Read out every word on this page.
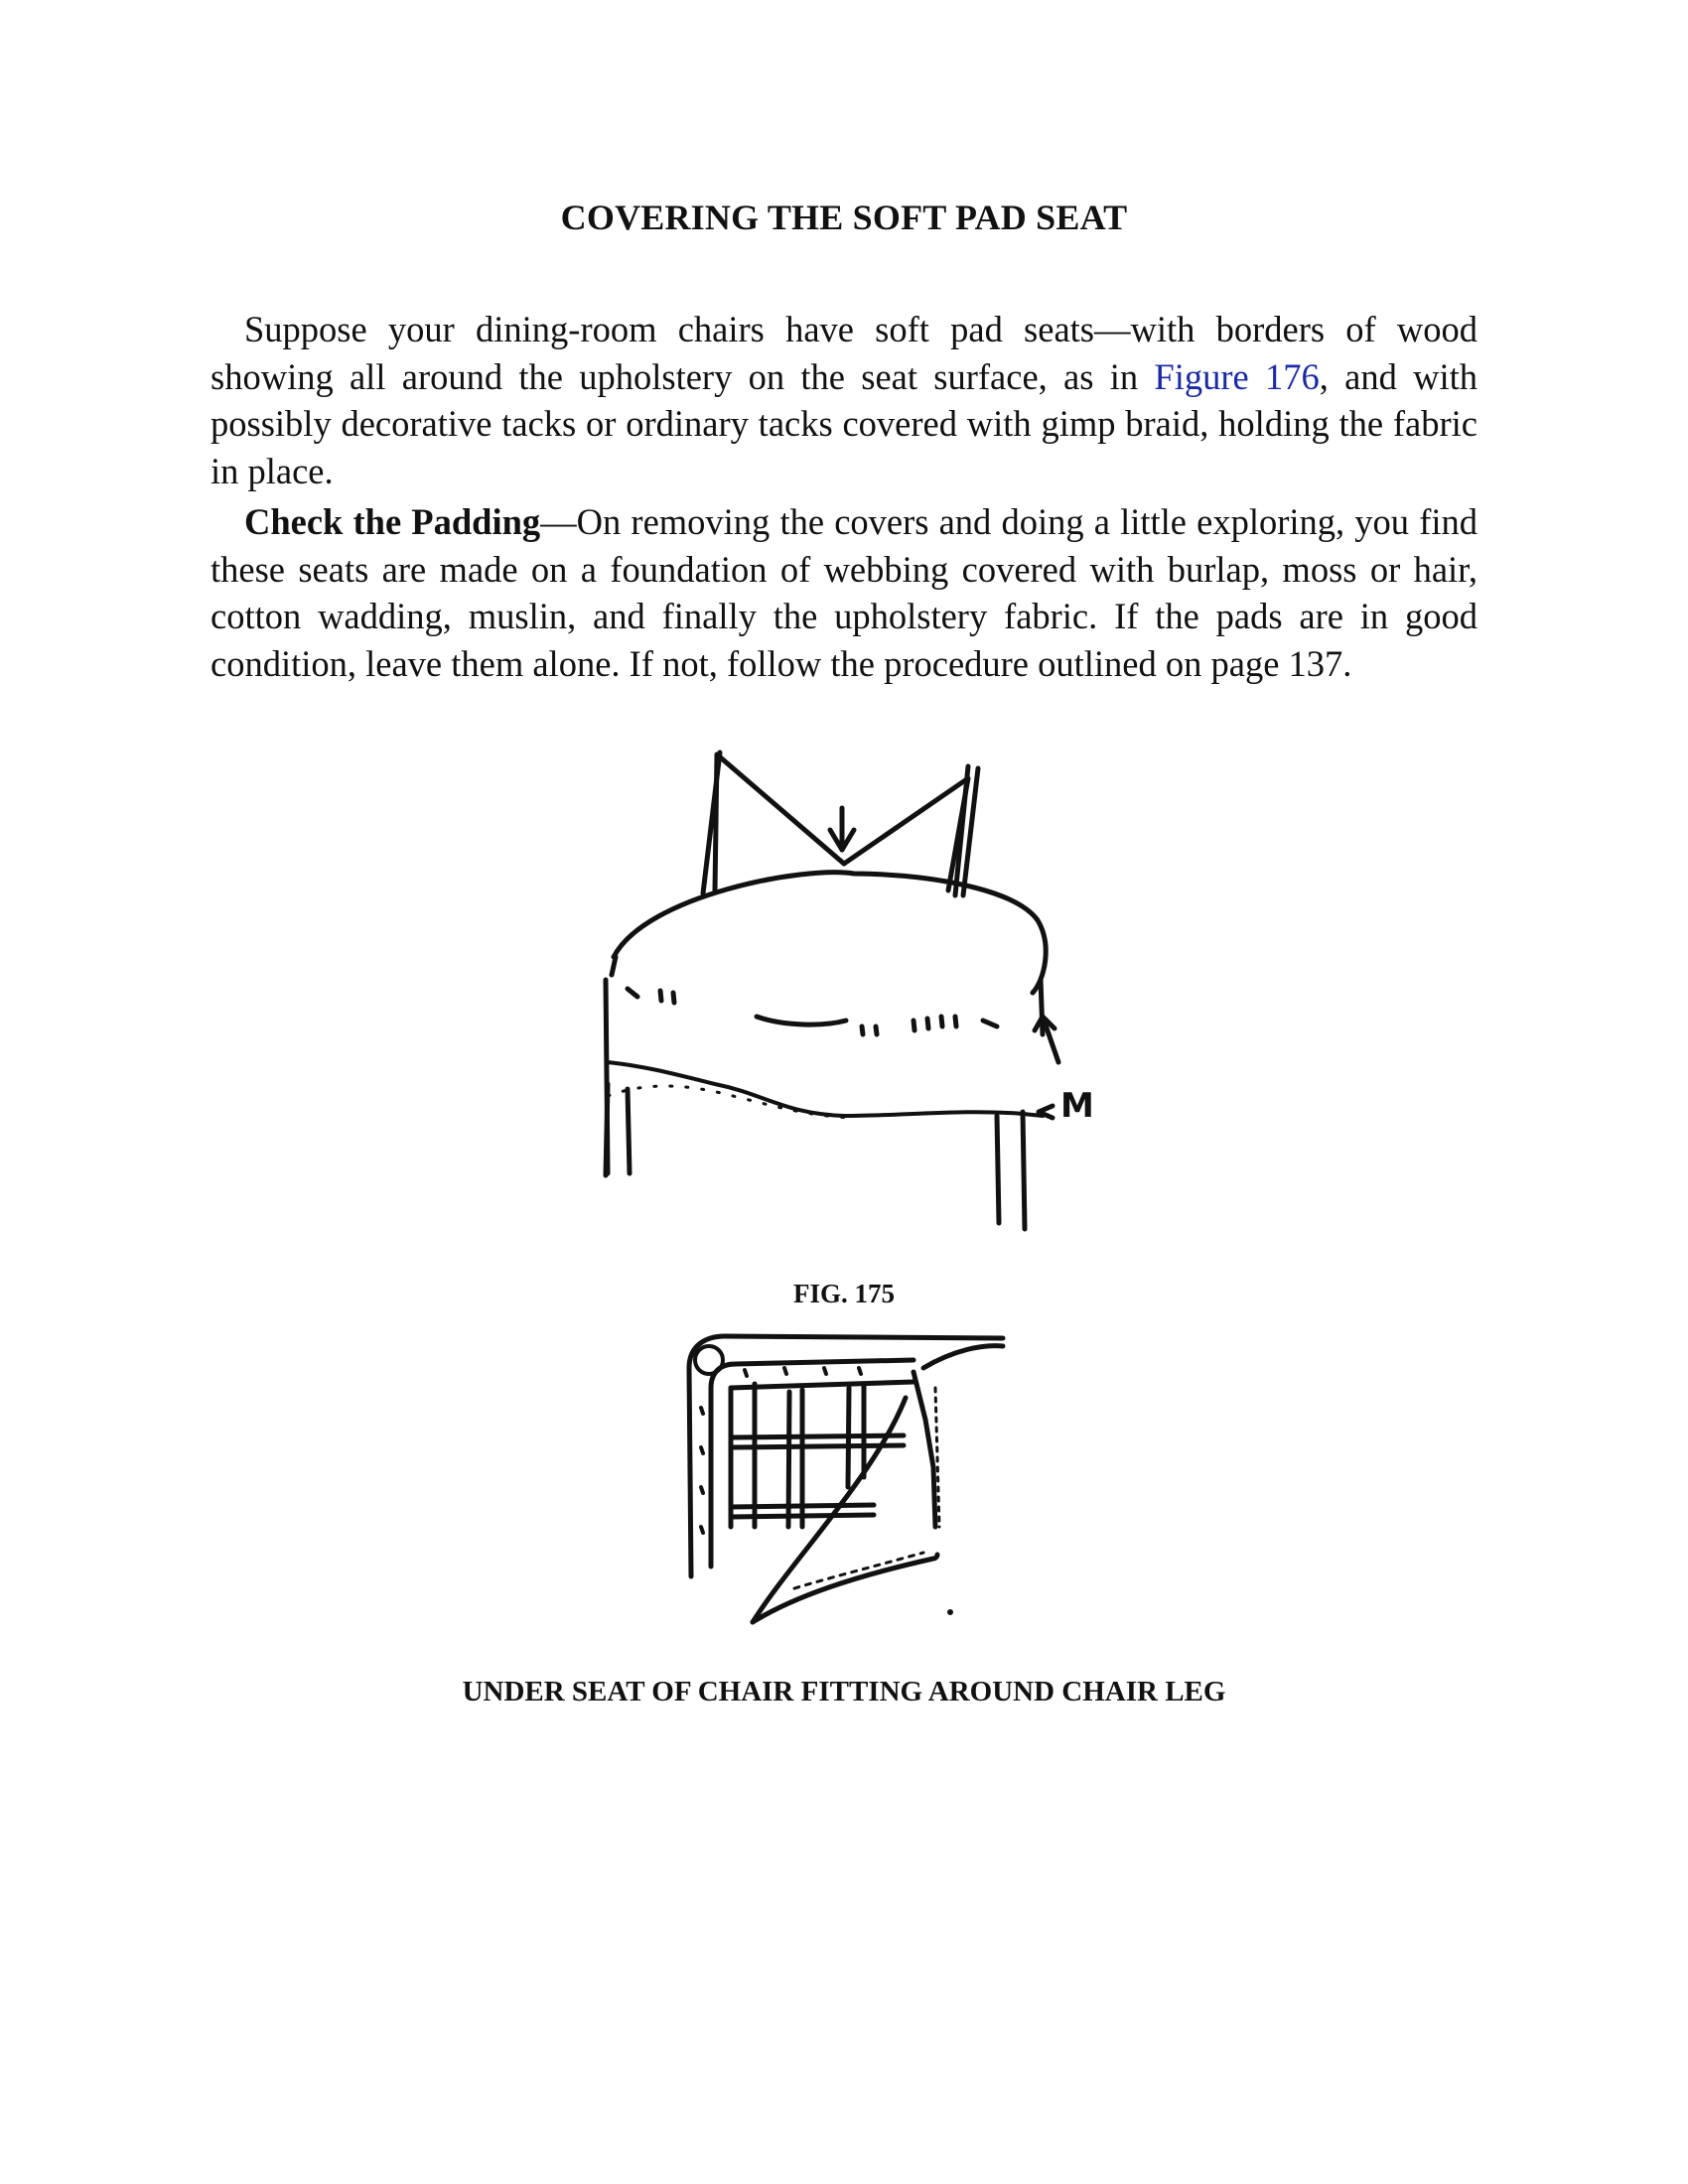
COVERING THE SOFT PAD SEAT

Suppose your dining-room chairs have soft pad seats—with borders of wood showing all around the upholstery on the seat surface, as in Figure 176, and with possibly decorative tacks or ordinary tacks covered with gimp braid, holding the fabric in place.

Check the Padding—On removing the covers and doing a little exploring, you find these seats are made on a foundation of webbing covered with burlap, moss or hair, cotton wadding, muslin, and finally the upholstery fabric. If the pads are in good condition, leave them alone. If not, follow the procedure outlined on page 137.

M

FIG. 175

UNDER SEAT OF CHAIR FITTING AROUND CHAIR LEG
